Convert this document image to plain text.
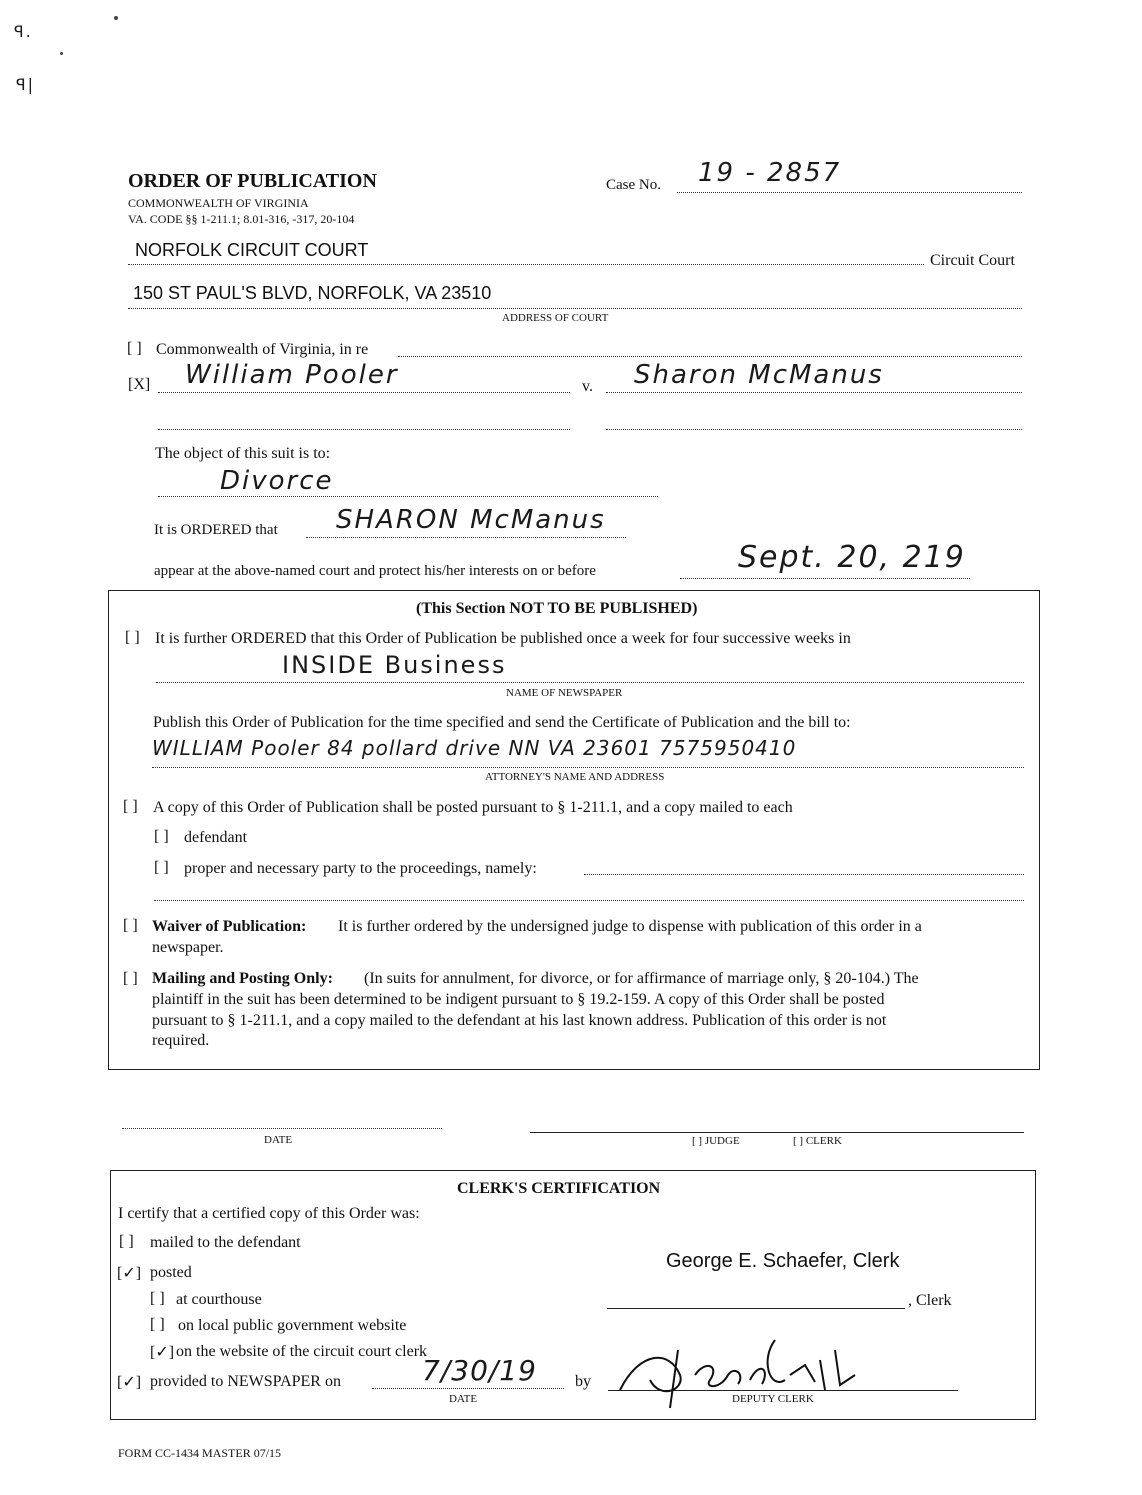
ꟼ.
ꟼ|
ORDER OF PUBLICATION
COMMONWEALTH OF VIRGINIA
VA. CODE §§ 1-211.1; 8.01-316, -317, 20-104
Case No. 19 - 2857
NORFOLK CIRCUIT COURT
Circuit Court
150 ST PAUL'S BLVD, NORFOLK, VA 23510
ADDRESS OF COURT
[ ] Commonwealth of Virginia, in re
[X] William Pooler	v. Sharon McManus
The object of this suit is to:
Divorce
It is ORDERED that SHARON McManus
appear at the above-named court and protect his/her interests on or before	Sept. 20, 219
(This Section NOT TO BE PUBLISHED)
[ ] It is further ORDERED that this Order of Publication be published once a week for four successive weeks in
INSIDE Business
NAME OF NEWSPAPER
Publish this Order of Publication for the time specified and send the Certificate of Publication and the bill to:
WILLIAM Pooler 84 pollard drive NN VA 23601 7575950410
ATTORNEY'S NAME AND ADDRESS
[ ] A copy of this Order of Publication shall be posted pursuant to § 1-211.1, and a copy mailed to each
[ ] defendant
[ ] proper and necessary party to the proceedings, namely:
[ ] Waiver of Publication: It is further ordered by the undersigned judge to dispense with publication of this order in a
newspaper.
[ ] Mailing and Posting Only: (In suits for annulment, for divorce, or for affirmance of marriage only, § 20-104.) The
plaintiff in the suit has been determined to be indigent pursuant to § 19.2-159. A copy of this Order shall be posted
pursuant to § 1-211.1, and a copy mailed to the defendant at his last known address. Publication of this order is not
required.
DATE	[ ] JUDGE	[ ] CLERK
CLERK'S CERTIFICATION
I certify that a certified copy of this Order was:
[ ] mailed to the defendant
[✓] posted
[ ] at courthouse
[ ] on local public government website
[✓] on the website of the circuit court clerk
[✓] provided to NEWSPAPER on	7/30/19
DATE
by
George E. Schaefer, Clerk
, Clerk
DEPUTY CLERK
FORM CC-1434 MASTER 07/15
